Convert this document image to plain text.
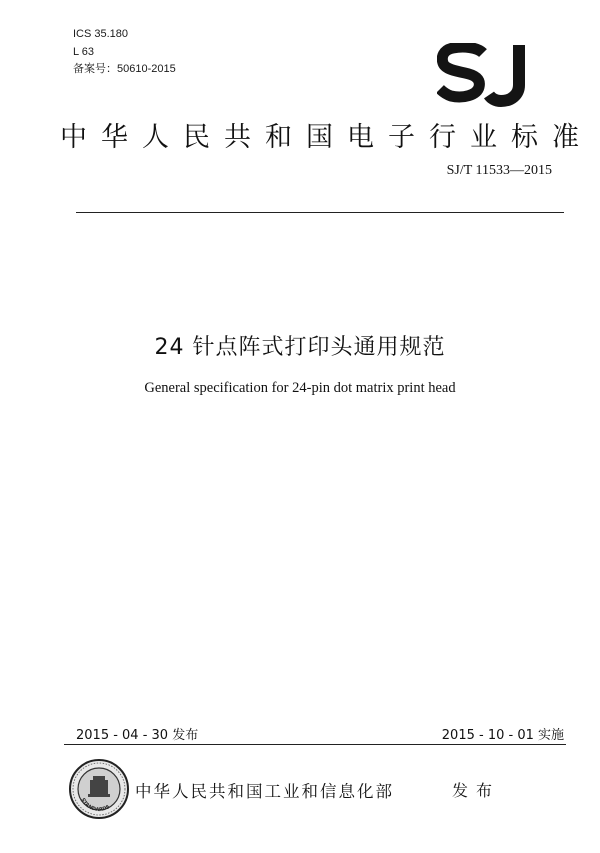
ICS 35.180
L 63
备案号：50610-2015
SJ
中华人民共和国电子行业标准
SJ/T 11533—2015
24 针点阵式打印头通用规范
General specification for 24-pin dot matrix print head
2015 - 04 - 30 发布	2015 - 10 - 01 实施
STANDARDS
中华人民共和国工业和信息化部	发布
